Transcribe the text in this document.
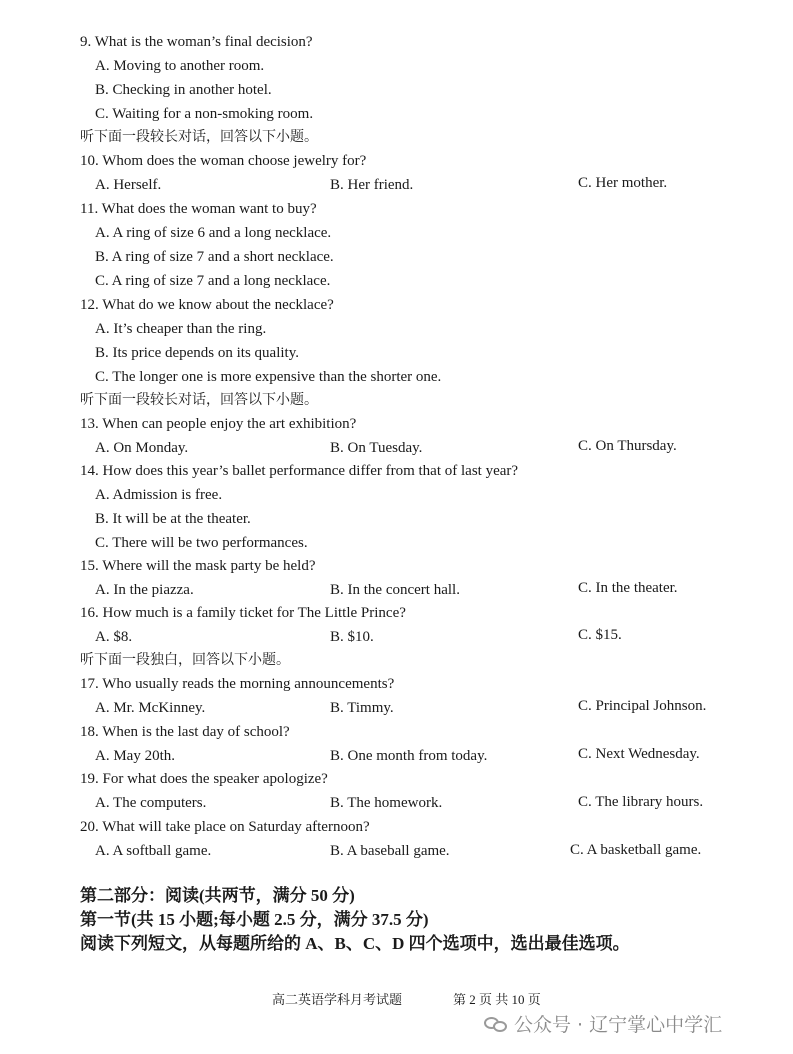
9. What is the woman’s final decision?
A. Moving to another room.
B. Checking in another hotel.
C. Waiting for a non-smoking room.
听下面一段较长对话，回答以下小题。
10. Whom does the woman choose jewelry for?
A. Herself.	B. Her friend.	C. Her mother.
11. What does the woman want to buy?
A. A ring of size 6 and a long necklace.
B. A ring of size 7 and a short necklace.
C. A ring of size 7 and a long necklace.
12. What do we know about the necklace?
A. It’s cheaper than the ring.
B. Its price depends on its quality.
C. The longer one is more expensive than the shorter one.
听下面一段较长对话，回答以下小题。
13. When can people enjoy the art exhibition?
A. On Monday.	B. On Tuesday.	C. On Thursday.
14. How does this year’s ballet performance differ from that of last year?
A. Admission is free.
B. It will be at the theater.
C. There will be two performances.
15. Where will the mask party be held?
A. In the piazza.	B. In the concert hall.	C. In the theater.
16. How much is a family ticket for The Little Prince?
A. $8.	B. $10.	C. $15.
听下面一段独白，回答以下小题。
17. Who usually reads the morning announcements?
A. Mr. McKinney.	B. Timmy.	C. Principal Johnson.
18. When is the last day of school?
A. May 20th.	B. One month from today.	C. Next Wednesday.
19. For what does the speaker apologize?
A. The computers.	B. The homework.	C. The library hours.
20. What will take place on Saturday afternoon?
A. A softball game.	B. A baseball game.	C. A basketball game.
第二部分：阅读(共两节，满分 50 分)
第一节(共 15 小题;每小题 2.5 分，满分 37.5 分)
阅读下列短文，从每题所给的 A、B、C、D 四个选项中，选出最佳选项。
高二英语学科月考试题	第 2 页 共 10 页
公众号 · 辽宁掌心中学汇
